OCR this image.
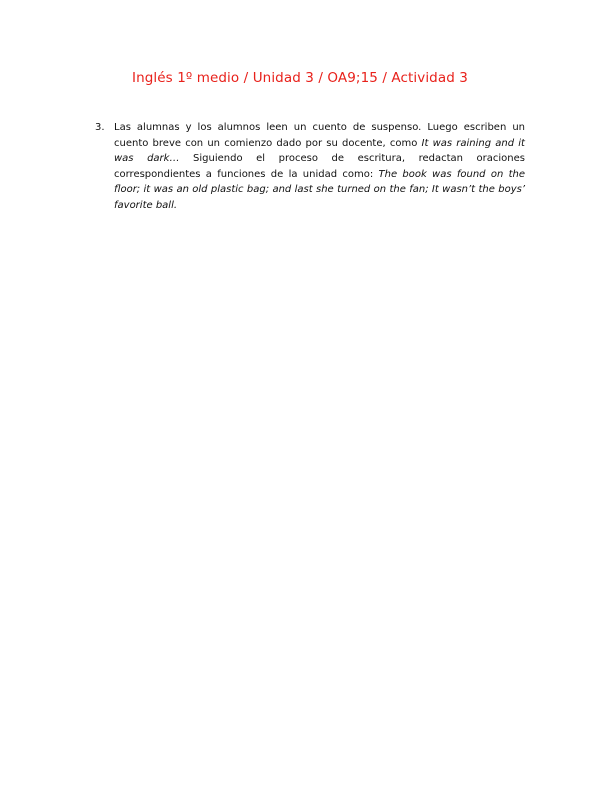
Inglés 1º medio / Unidad 3 / OA9;15 / Actividad 3
3. Las alumnas y los alumnos leen un cuento de suspenso. Luego escriben un cuento breve con un comienzo dado por su docente, como It was raining and it was dark… Siguiendo el proceso de escritura, redactan oraciones correspondientes a funciones de la unidad como: The book was found on the floor; it was an old plastic bag; and last she turned on the fan; It wasn’t the boys’ favorite ball.
